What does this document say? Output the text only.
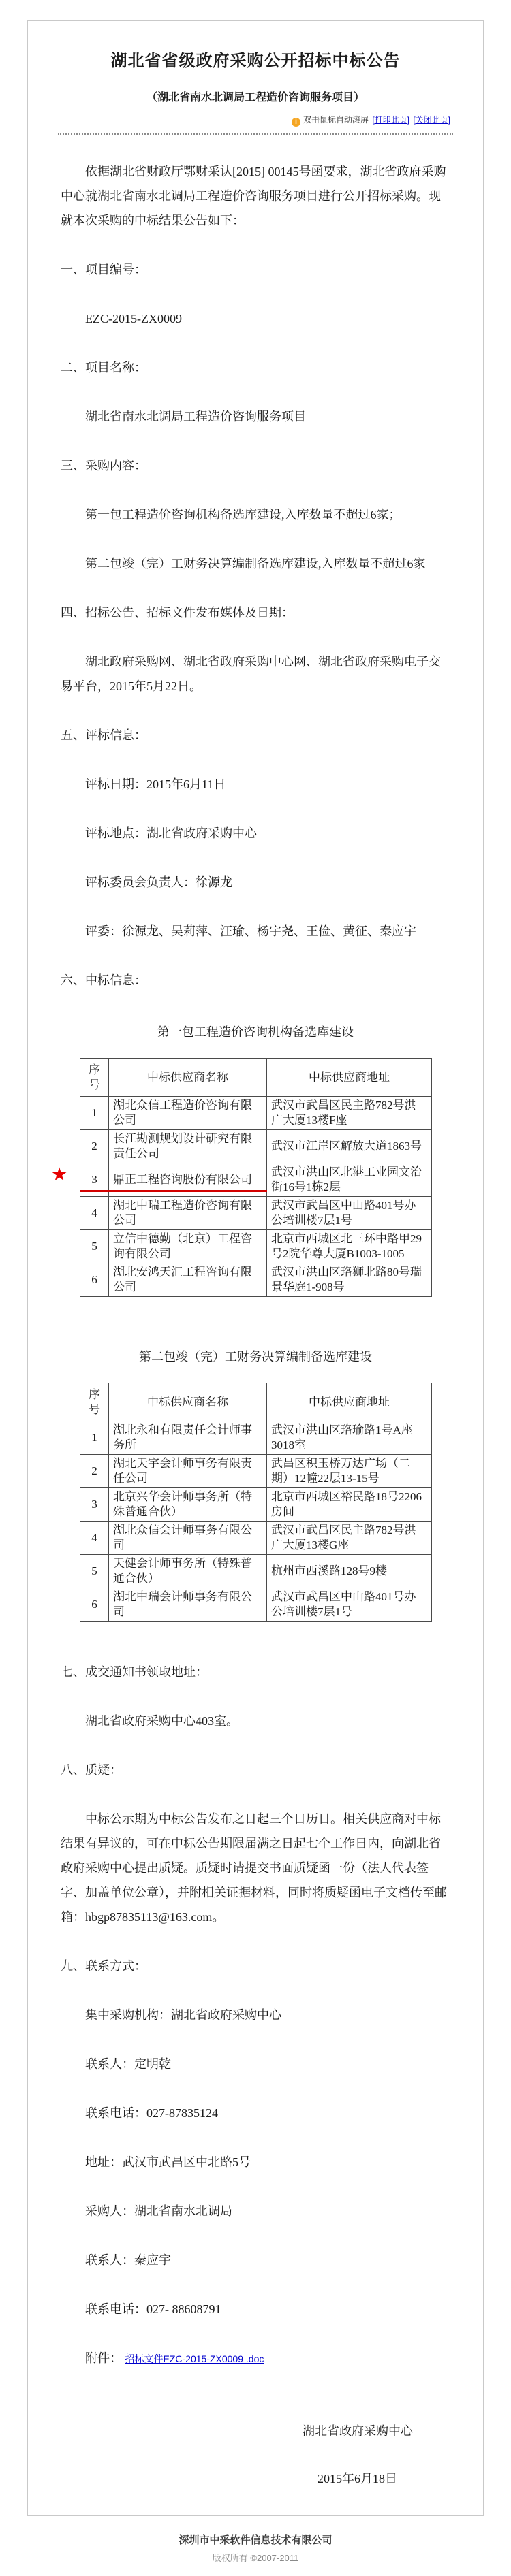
湖北省省级政府采购公开招标中标公告
（湖北省南水北调局工程造价咨询服务项目）
i 双击鼠标自动滚屏 [打印此页] [关闭此页]

依据湖北省财政厅鄂财采认[2015] 00145号函要求，湖北省政府采购中心就湖北省南水北调局工程造价咨询服务项目进行公开招标采购。现就本次采购的中标结果公告如下：

一、项目编号：

EZC-2015-ZX0009

二、项目名称：

湖北省南水北调局工程造价咨询服务项目

三、采购内容：

第一包工程造价咨询机构备选库建设,入库数量不超过6家；

第二包竣（完）工财务决算编制备选库建设,入库数量不超过6家

四、招标公告、招标文件发布媒体及日期：

湖北政府采购网、湖北省政府采购中心网、湖北省政府采购电子交易平台，2015年5月22日。

五、评标信息：

评标日期：2015年6月11日

评标地点：湖北省政府采购中心

评标委员会负责人：徐源龙

评委：徐源龙、吴莉萍、汪瑜、杨宇尧、王俭、黄征、秦应宇

六、中标信息：

第一包工程造价咨询机构备选库建设
★
序号	中标供应商名称	中标供应商地址
1	湖北众信工程造价咨询有限公司	武汉市武昌区民主路782号洪广大厦13楼F座
2	长江勘测规划设计研究有限责任公司	武汉市江岸区解放大道1863号
3	鼎正工程咨询股份有限公司	武汉市洪山区北港工业园文治街16号1栋2层
4	湖北中瑞工程造价咨询有限公司	武汉市武昌区中山路401号办公培训楼7层1号
5	立信中德勤（北京）工程咨询有限公司	北京市西城区北三环中路甲29号2院华尊大厦B1003-1005
6	湖北安鸿天汇工程咨询有限公司	武汉市洪山区珞狮北路80号瑞景华庭1-908号
第二包竣（完）工财务决算编制备选库建设
序号	中标供应商名称	中标供应商地址
1	湖北永和有限责任会计师事务所	武汉市洪山区珞瑜路1号A座3018室
2	湖北天宇会计师事务有限责任公司	武昌区积玉桥万达广场（二期）12幢22层13-15号
3	北京兴华会计师事务所（特殊普通合伙）	北京市西城区裕民路18号2206房间
4	湖北众信会计师事务有限公司	武汉市武昌区民主路782号洪广大厦13楼G座
5	天健会计师事务所（特殊普通合伙）	杭州市西溪路128号9楼
6	湖北中瑞会计师事务有限公司	武汉市武昌区中山路401号办公培训楼7层1号

七、成交通知书领取地址：

湖北省政府采购中心403室。

八、质疑：

中标公示期为中标公告发布之日起三个日历日。相关供应商对中标结果有异议的，可在中标公告期限届满之日起七个工作日内，向湖北省政府采购中心提出质疑。质疑时请提交书面质疑函一份（法人代表签字、加盖单位公章），并附相关证据材料，同时将质疑函电子文档传至邮箱：hbgp87835113@163.com。

九、联系方式：

集中采购机构：湖北省政府采购中心

联系人：定明乾

联系电话：027-87835124

地址：武汉市武昌区中北路5号

采购人：湖北省南水北调局

联系人：秦应宇

联系电话：027- 88608791

附件： 招标文件EZC-2015-ZX0009 .doc

湖北省政府采购中心
2015年6月18日
深圳市中采软件信息技术有限公司
版权所有 ©2007-2011
